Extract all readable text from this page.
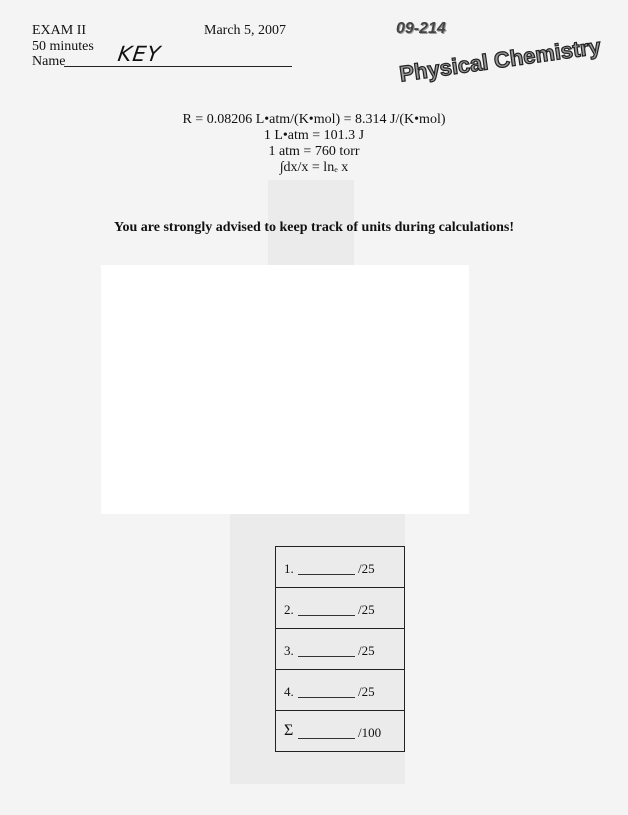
EXAM II
50 minutes
Name KEY
March 5, 2007	09-214
Physical Chemistry
R = 0.08206 L•atm/(K•mol) = 8.314 J/(K•mol)
1 L•atm = 101.3 J
1 atm = 760 torr
∫dx/x = lnₑ x
You are strongly advised to keep track of units during calculations!
1.	/25
2.	/25
3.	/25
4.	/25
Σ	/100
